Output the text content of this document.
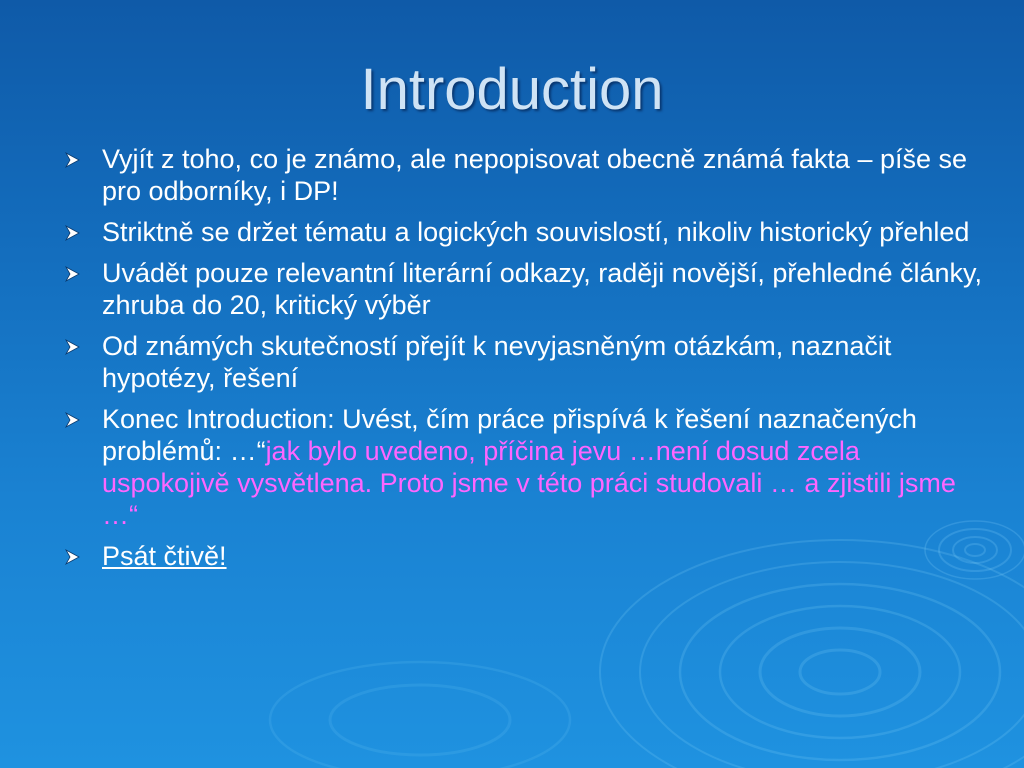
Introduction
Vyjít z toho, co je známo, ale nepopisovat obecně známá fakta – píše se pro odborníky, i DP!
Striktně se držet tématu a logických souvislostí, nikoliv historický přehled
Uvádět pouze relevantní literární odkazy, raději novější, přehledné články, zhruba do 20, kritický výběr
Od známých skutečností přejít k nevyjasněným otázkám, naznačit hypotézy, řešení
Konec Introduction: Uvést, čím práce přispívá k řešení naznačených problémů: …“jak bylo uvedeno, příčina jevu …není dosud zcela uspokojivě vysvětlena. Proto jsme v této práci studovali … a zjistili jsme …“
Psát čtivě!
